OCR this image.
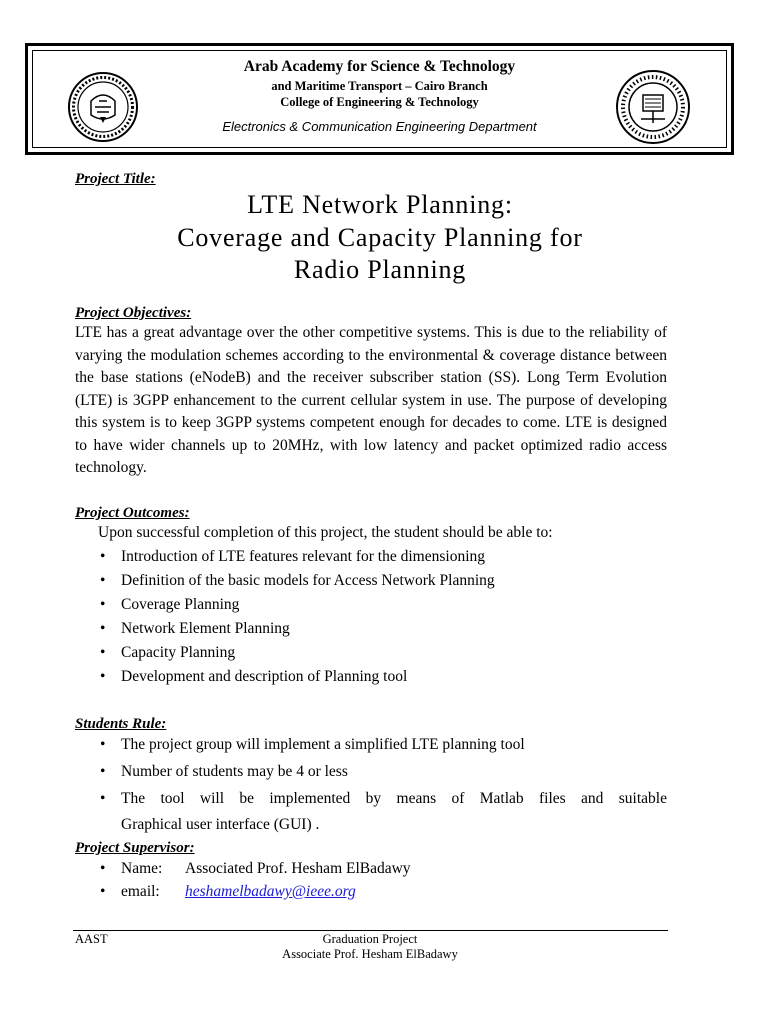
Arab Academy for Science & Technology
and Maritime Transport – Cairo Branch
College of Engineering & Technology
Electronics & Communication Engineering Department
Project Title:
LTE Network Planning:
Coverage and Capacity Planning for
Radio Planning
Project Objectives:
LTE has a great advantage over the other competitive systems. This is due to the reliability of varying the modulation schemes according to the environmental & coverage distance between the base stations (eNodeB) and the receiver subscriber station (SS). Long Term Evolution (LTE) is 3GPP enhancement to the current cellular system in use. The purpose of developing this system is to keep 3GPP systems competent enough for decades to come. LTE is designed to have wider channels up to 20MHz, with low latency and packet optimized radio access technology.
Project Outcomes:
Upon successful completion of this project, the student should be able to:
• Introduction of LTE features relevant for the dimensioning
• Definition of the basic models for Access Network Planning
• Coverage Planning
• Network Element Planning
• Capacity Planning
• Development and description of Planning tool
Students Rule:
• The project group will implement a simplified LTE planning tool
• Number of students may be 4 or less
• The tool will be implemented by means of Matlab files and suitable
Graphical user interface (GUI) .
Project Supervisor:
• Name: Associated Prof. Hesham ElBadawy
• email: heshamelbadawy@ieee.org
AAST	Graduation Project
Associate Prof. Hesham ElBadawy
